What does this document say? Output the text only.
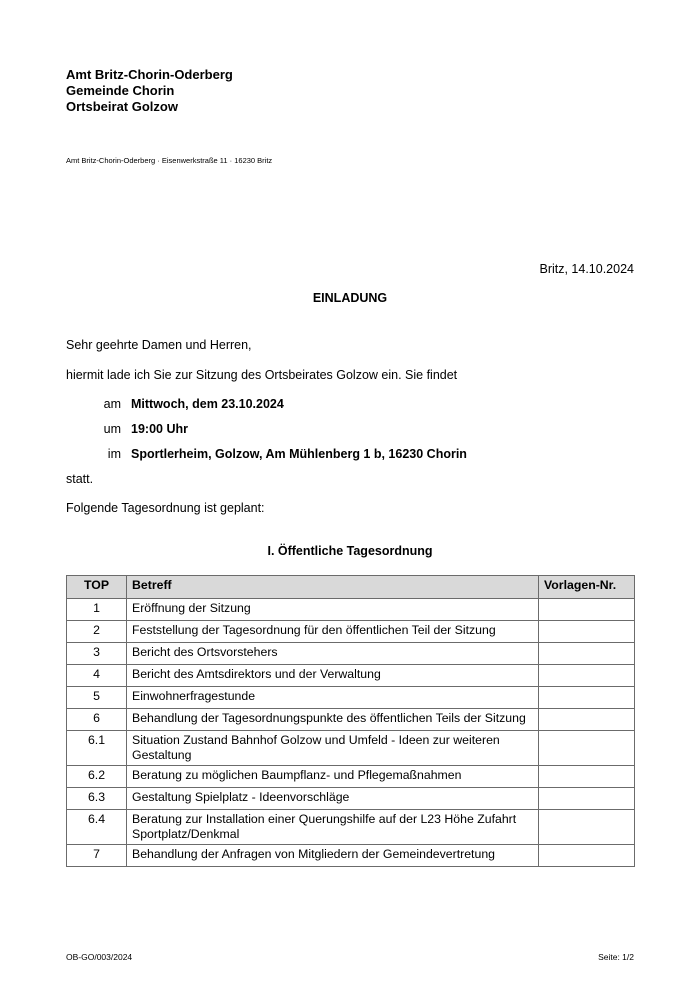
Amt Britz-Chorin-Oderberg
Gemeinde Chorin
Ortsbeirat Golzow
Amt Britz-Chorin-Oderberg · Eisenwerkstraße 11 · 16230 Britz
Britz, 14.10.2024
EINLADUNG
Sehr geehrte Damen und Herren,
hiermit lade ich Sie zur Sitzung des Ortsbeirates Golzow ein. Sie findet
am Mittwoch, dem 23.10.2024
um 19:00 Uhr
im Sportlerheim, Golzow, Am Mühlenberg 1 b, 16230 Chorin
statt.
Folgende Tagesordnung ist geplant:
I. Öffentliche Tagesordnung
TOP	Betreff	Vorlagen-Nr.
1	Eröffnung der Sitzung	
2	Feststellung der Tagesordnung für den öffentlichen Teil der Sitzung	
3	Bericht des Ortsvorstehers	
4	Bericht des Amtsdirektors und der Verwaltung	
5	Einwohnerfragestunde	
6	Behandlung der Tagesordnungspunkte des öffentlichen Teils der Sitzung	
6.1	Situation Zustand Bahnhof Golzow und Umfeld - Ideen zur weiteren Gestaltung	
6.2	Beratung zu möglichen Baumpflanz- und Pflegemaßnahmen	
6.3	Gestaltung Spielplatz - Ideenvorschläge	
6.4	Beratung zur Installation einer Querungshilfe auf der L23 Höhe Zufahrt Sportplatz/Denkmal	
7	Behandlung der Anfragen von Mitgliedern der Gemeindevertretung	
OB-GO/003/2024	Seite: 1/2
